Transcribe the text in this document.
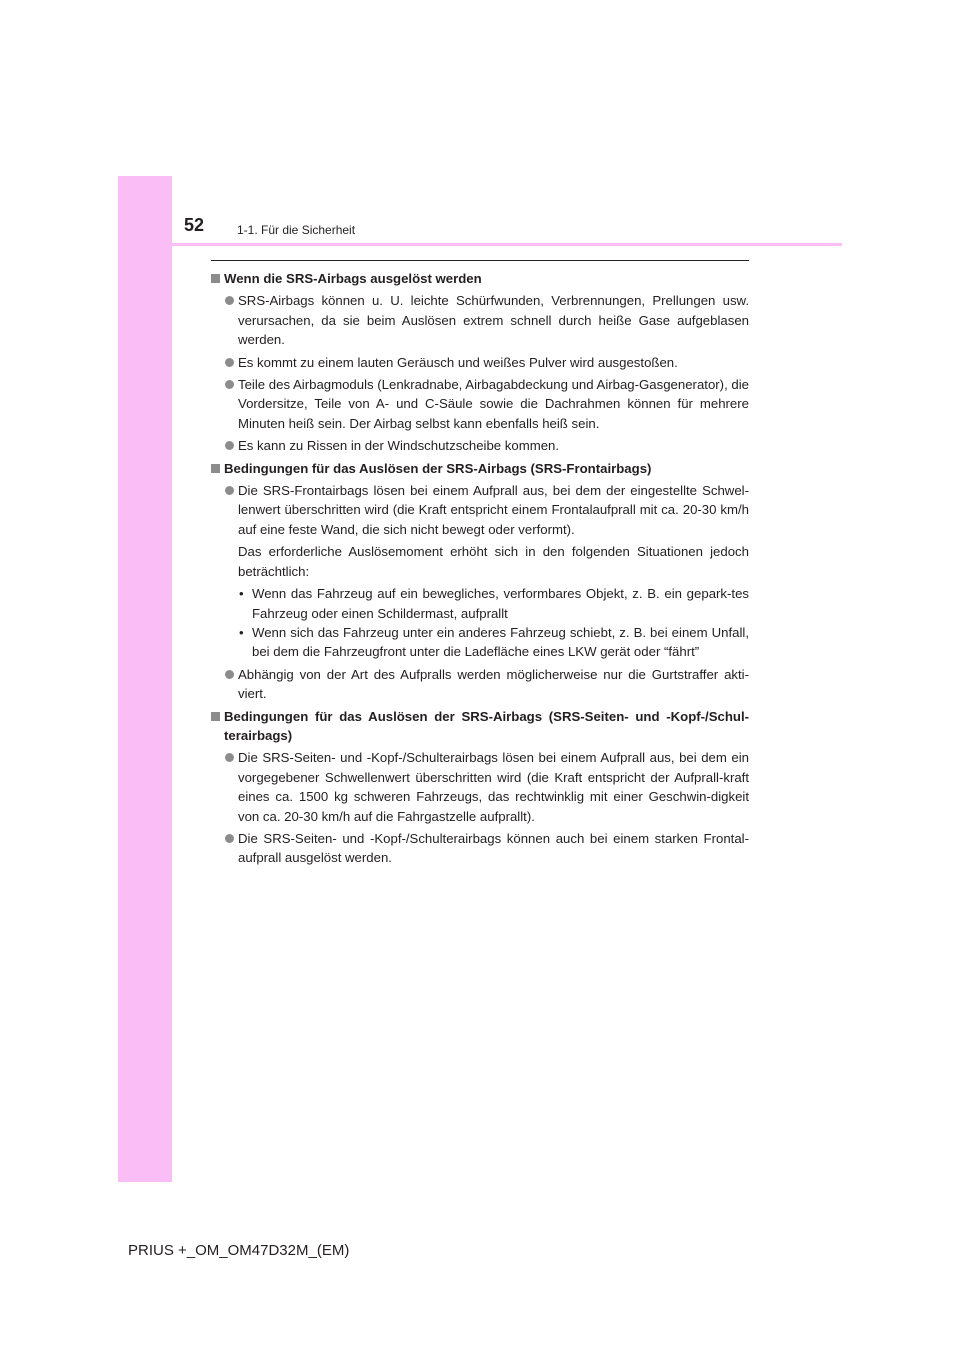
52	1-1. Für die Sicherheit
Wenn die SRS-Airbags ausgelöst werden
SRS-Airbags können u. U. leichte Schürfwunden, Verbrennungen, Prellungen usw. verursachen, da sie beim Auslösen extrem schnell durch heiße Gase aufgeblasen werden.
Es kommt zu einem lauten Geräusch und weißes Pulver wird ausgestoßen.
Teile des Airbagmoduls (Lenkradnabe, Airbagabdeckung und Airbag-Gasgenerator), die Vordersitze, Teile von A- und C-Säule sowie die Dachrahmen können für mehrere Minuten heiß sein. Der Airbag selbst kann ebenfalls heiß sein.
Es kann zu Rissen in der Windschutzscheibe kommen.
Bedingungen für das Auslösen der SRS-Airbags (SRS-Frontairbags)
Die SRS-Frontairbags lösen bei einem Aufprall aus, bei dem der eingestellte Schwel-lenwert überschritten wird (die Kraft entspricht einem Frontalaufprall mit ca. 20-30 km/h auf eine feste Wand, die sich nicht bewegt oder verformt).
Das erforderliche Auslösemoment erhöht sich in den folgenden Situationen jedoch beträchtlich:
• Wenn das Fahrzeug auf ein bewegliches, verformbares Objekt, z. B. ein gepark-tes Fahrzeug oder einen Schildermast, aufprallt
• Wenn sich das Fahrzeug unter ein anderes Fahrzeug schiebt, z. B. bei einem Unfall, bei dem die Fahrzeugfront unter die Ladefläche eines LKW gerät oder “fährt”
Abhängig von der Art des Aufpralls werden möglicherweise nur die Gurtstraffer akti-viert.
Bedingungen für das Auslösen der SRS-Airbags (SRS-Seiten- und -Kopf-/Schul-terairbags)
Die SRS-Seiten- und -Kopf-/Schulterairbags lösen bei einem Aufprall aus, bei dem ein vorgegebener Schwellenwert überschritten wird (die Kraft entspricht der Aufprall-kraft eines ca. 1500 kg schweren Fahrzeugs, das rechtwinklig mit einer Geschwin-digkeit von ca. 20-30 km/h auf die Fahrgastzelle aufprallt).
Die SRS-Seiten- und -Kopf-/Schulterairbags können auch bei einem starken Frontal-aufprall ausgelöst werden.
PRIUS +_OM_OM47D32M_(EM)
